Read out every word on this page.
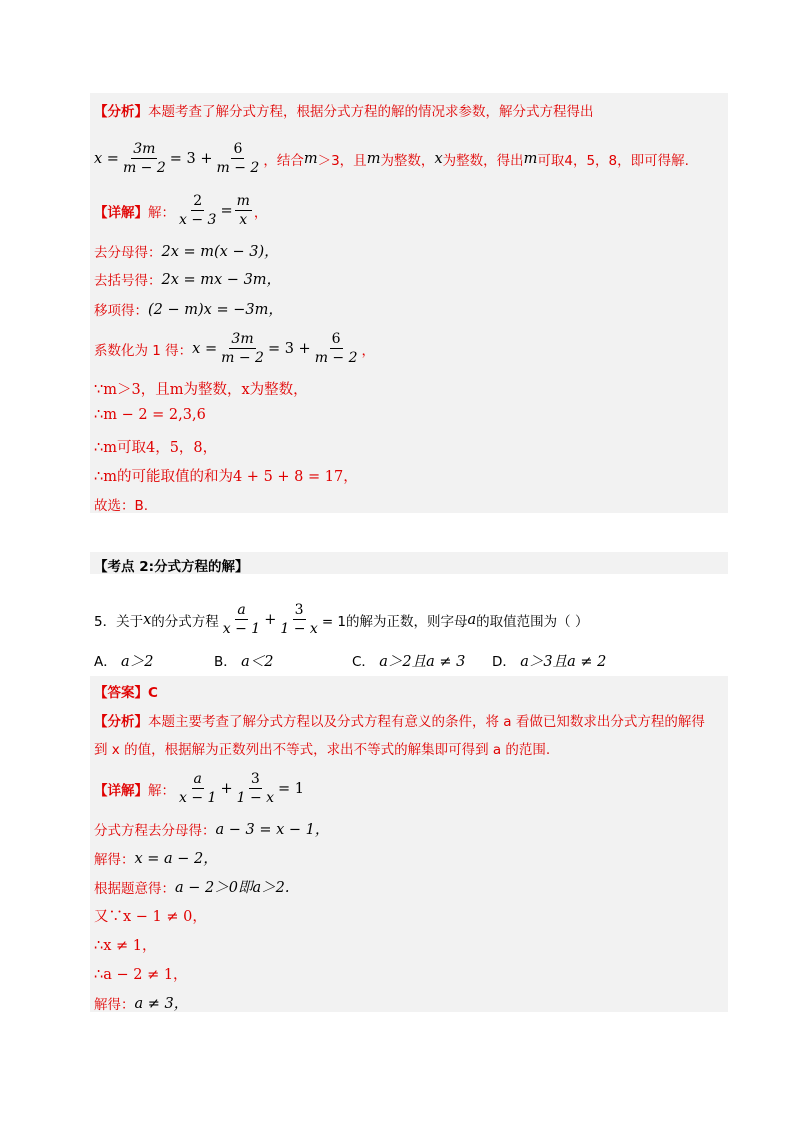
【分析】 本题考查了解分式方程，根据分式方程的解的情况求参数，解分式方程得出
$x = \frac{3m}{m - 2} = 3 + \frac{6}{m - 2}$ ，结合 m ＞3，且 m 为整数， x 为整数，得出 m 可取4，5，8，即可得解.
【详解】 解： $\frac{2}{x - 3} = \frac{m}{x}$ ，
去分母得： 2x = m(x − 3)，
去括号得： 2x = mx − 3m，
移项得： (2 − m)x = −3m，
系数化为 1 得： $x = \frac{3m}{m - 2} = 3 + \frac{6}{m - 2}$ ，
∵m＞3，且m为整数，x为整数，
∴m − 2 = 2,3,6
∴m可取4，5，8，
∴m的可能取值的和为4 + 5 + 8 = 17，
故选：B.
【考点 2:分式方程的解】
5． 关于 x 的分式方程 $\frac{a}{x - 1} + \frac{3}{1 - x} = 1$的解为正数，则字母 a 的取值范围为（ ）
A． a＞2	B． a＜2	C． a＞2且a ≠ 3 D． a＞3且a ≠ 2
【答案】C
【分析】 本题主要考查了解分式方程以及分式方程有意义的条件，将 a 看做已知数求出分式方程的解得
到 x 的值，根据解为正数列出不等式，求出不等式的解集即可得到 a 的范围.
【详解】 解： $\frac{a}{x - 1} + \frac{3}{1 - x} = 1$
分式方程去分母得： a − 3 = x − 1，
解得： x = a − 2，
根据题意得： a − 2＞0即a＞2.
又∵x − 1 ≠ 0，
∴x ≠ 1，
∴a − 2 ≠ 1，
解得： a ≠ 3，
